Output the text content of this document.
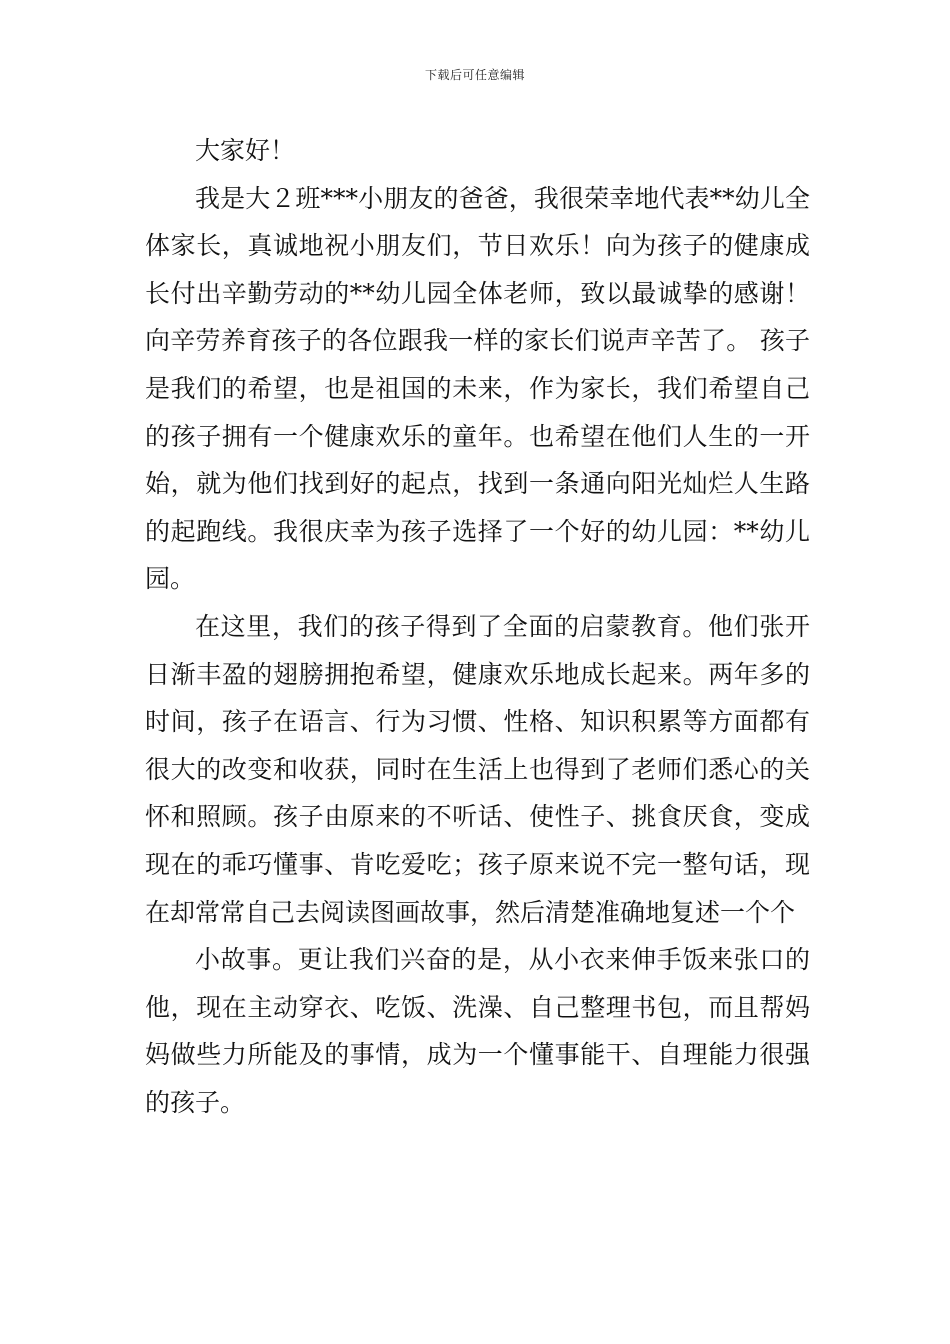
下载后可任意编辑

大家好！

我是大２班***小朋友的爸爸，我很荣幸地代表**幼儿全体家长，真诚地祝小朋友们，节日欢乐！向为孩子的健康成长付出辛勤劳动的**幼儿园全体老师，致以最诚挚的感谢！向辛劳养育孩子的各位跟我一样的家长们说声辛苦了。 孩子是我们的希望，也是祖国的未来，作为家长，我们希望自己的孩子拥有一个健康欢乐的童年。也希望在他们人生的一开始，就为他们找到好的起点，找到一条通向阳光灿烂人生路的起跑线。我很庆幸为孩子选择了一个好的幼儿园：**幼儿园。

在这里，我们的孩子得到了全面的启蒙教育。他们张开日渐丰盈的翅膀拥抱希望，健康欢乐地成长起来。两年多的时间，孩子在语言、行为习惯、性格、知识积累等方面都有很大的改变和收获，同时在生活上也得到了老师们悉心的关怀和照顾。孩子由原来的不听话、使性子、挑食厌食，变成现在的乖巧懂事、肯吃爱吃；孩子原来说不完一整句话，现在却常常自己去阅读图画故事，然后清楚准确地复述一个个

小故事。更让我们兴奋的是，从小衣来伸手饭来张口的他，现在主动穿衣、吃饭、洗澡、自己整理书包，而且帮妈妈做些力所能及的事情，成为一个懂事能干、自理能力很强的孩子。
